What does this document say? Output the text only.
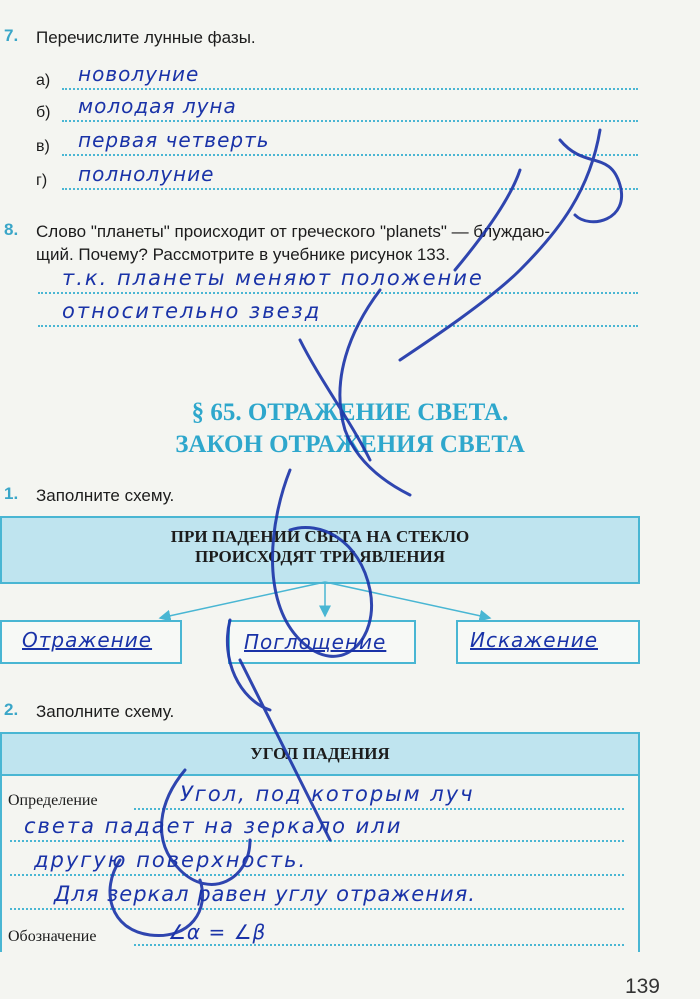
7. Перечислите лунные фазы.
а) новолуние
б) молодая луна
в) первая четверть
г) полнолуние
8. Слово "планеты" происходит от греческого "planets" — блуждаю-
щий. Почему? Рассмотрите в учебнике рисунок 133.
т.к. планеты меняют положение
относительно звезд
§ 65. ОТРАЖЕНИЕ СВЕТА.
ЗАКОН ОТРАЖЕНИЯ СВЕТА
1. Заполните схему.
ПРИ ПАДЕНИИ СВЕТА НА СТЕКЛО
ПРОИСХОДЯТ ТРИ ЯВЛЕНИЯ
Отражение	Поглощение	Искажение
2. Заполните схему.
УГОЛ ПАДЕНИЯ
Определение	Угол, под которым луч
света падает на зеркало или
другую поверхность.
Для зеркал равен углу отражения.
Обозначение	∠α = ∠β
139
